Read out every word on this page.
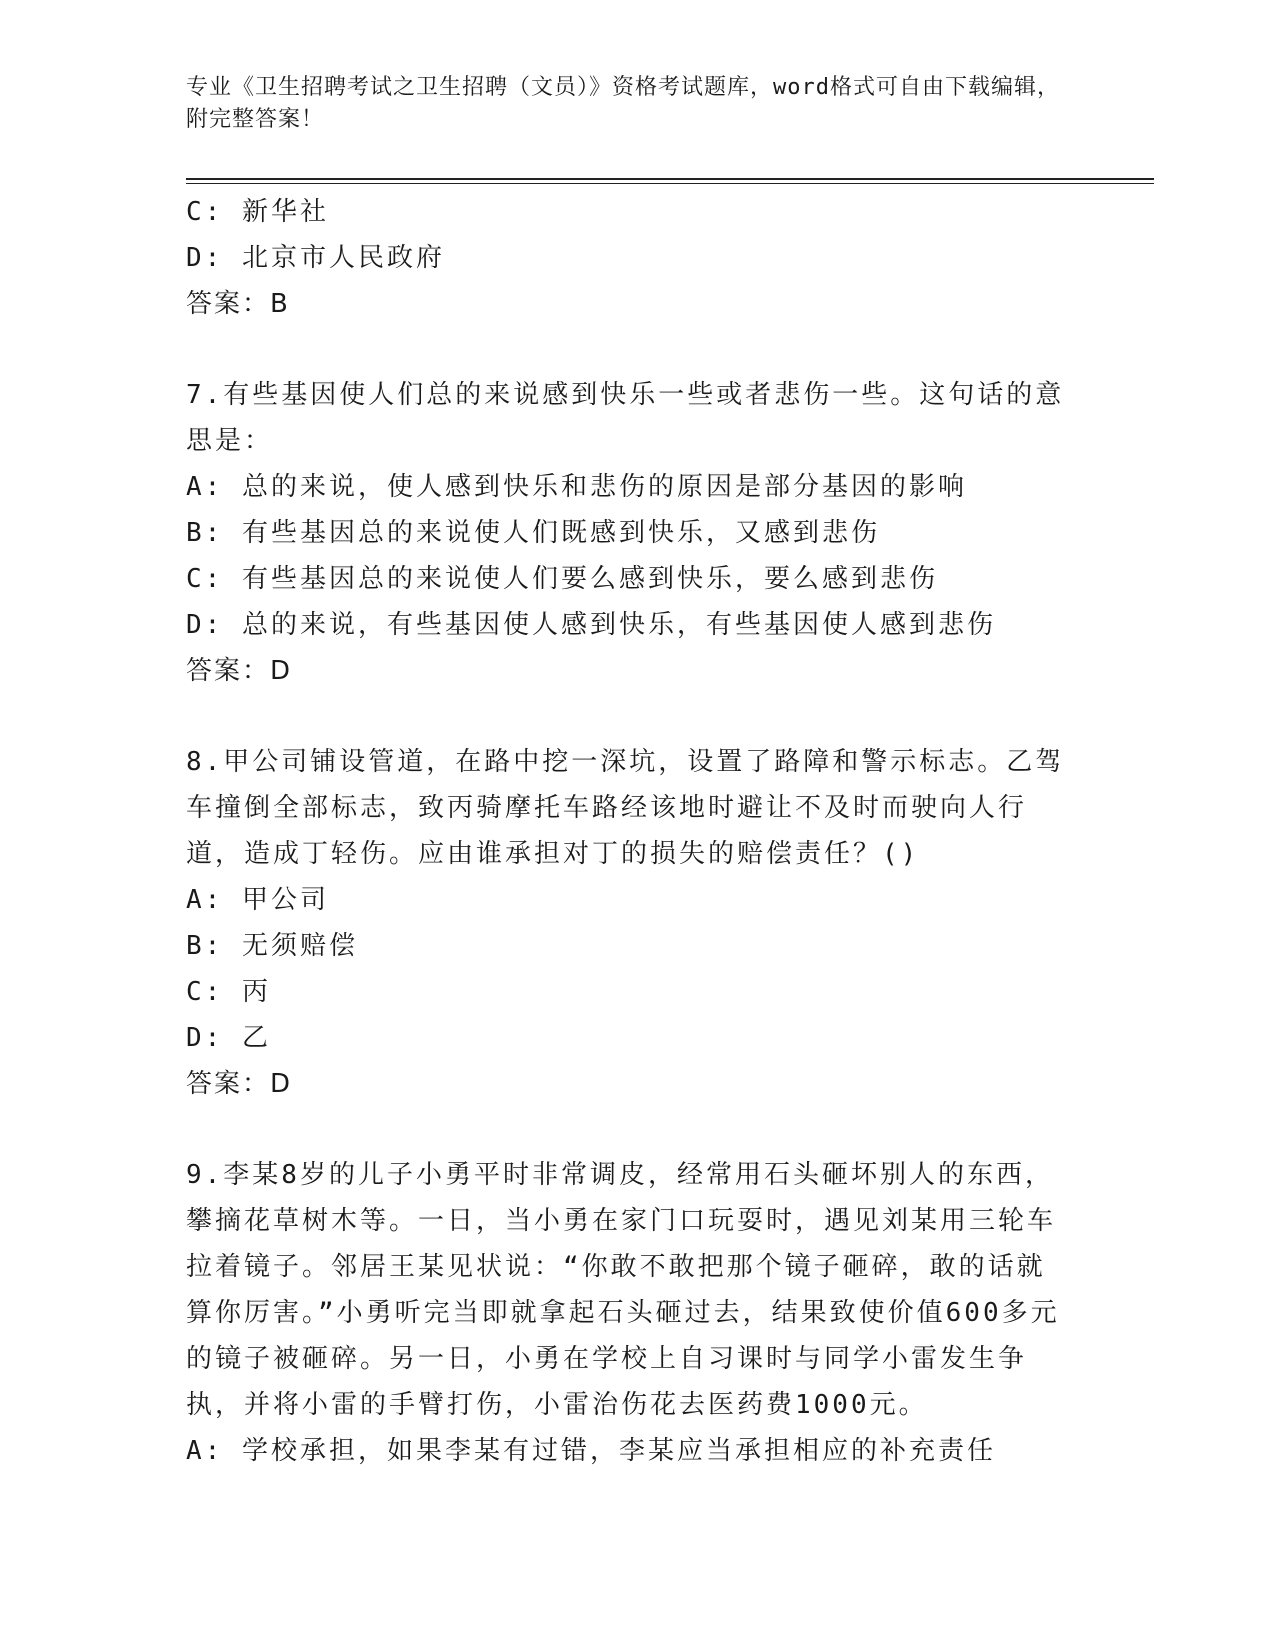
专业《卫生招聘考试之卫生招聘（文员）》资格考试题库，word格式可自由下载编辑，附完整答案！

C: 新华社

D: 北京市人民政府

答案：B

7.有些基因使人们总的来说感到快乐一些或者悲伤一些。这句话的意思是：

A: 总的来说，使人感到快乐和悲伤的原因是部分基因的影响

B: 有些基因总的来说使人们既感到快乐，又感到悲伤

C: 有些基因总的来说使人们要么感到快乐，要么感到悲伤

D: 总的来说，有些基因使人感到快乐，有些基因使人感到悲伤

答案：D

8.甲公司铺设管道，在路中挖一深坑，设置了路障和警示标志。乙驾车撞倒全部标志，致丙骑摩托车路经该地时避让不及时而驶向人行道，造成丁轻伤。应由谁承担对丁的损失的赔偿责任？()

A: 甲公司

B: 无须赔偿

C: 丙

D: 乙

答案：D

9.李某8岁的儿子小勇平时非常调皮，经常用石头砸坏别人的东西，攀摘花草树木等。一日，当小勇在家门口玩耍时，遇见刘某用三轮车拉着镜子。邻居王某见状说：“你敢不敢把那个镜子砸碎，敢的话就算你厉害。”小勇听完当即就拿起石头砸过去，结果致使价值600多元的镜子被砸碎。另一日，小勇在学校上自习课时与同学小雷发生争执，并将小雷的手臂打伤，小雷治伤花去医药费1000元。

A: 学校承担，如果李某有过错，李某应当承担相应的补充责任
